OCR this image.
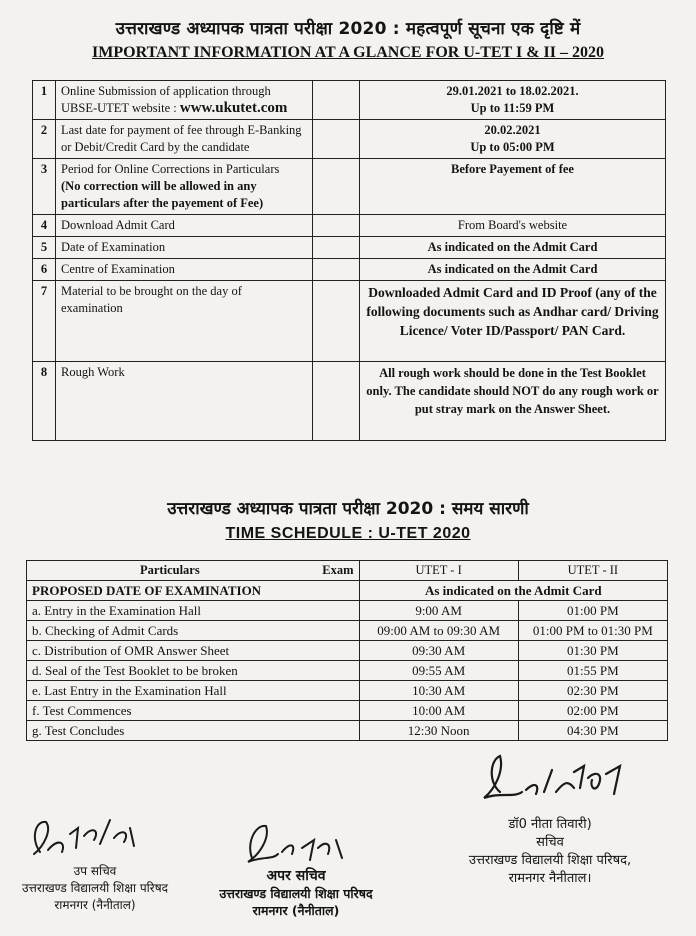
उत्तराखण्ड अध्यापक पात्रता परीक्षा 2020 : महत्वपूर्ण सूचना एक दृष्टि में
IMPORTANT INFORMATION AT A GLANCE FOR U-TET I & II – 2020
1	Online Submission of application through
UBSE-UTET website : www.ukutet.com		29.01.2021 to 18.02.2021.
Up to 11:59 PM
2	Last date for payment of fee through E-Banking
or Debit/Credit Card by the candidate		20.02.2021
Up to 05:00 PM
3	Period for Online Corrections in Particulars
(No correction will be allowed in any
particulars after the payement of Fee)		Before Payement of fee
4	Download Admit Card		From Board's website
5	Date of Examination		As indicated on the Admit Card
6	Centre of Examination		As indicated on the Admit Card
7	Material to be brought on the day of
examination		Downloaded Admit Card and ID Proof (any of the following documents such as Andhar card/ Driving Licence/ Voter ID/Passport/ PAN Card.
8	Rough Work		All rough work should be done in the Test Booklet only. The candidate should NOT do any rough work or put stray mark on the Answer Sheet.
उत्तराखण्ड अध्यापक पात्रता परीक्षा 2020 : समय सारणी
TIME SCHEDULE : U-TET 2020
Particulars Exam	UTET - I	UTET - II
PROPOSED DATE OF EXAMINATION	As indicated on the Admit Card	
a. Entry in the Examination Hall	9:00 AM	01:00 PM
b. Checking of Admit Cards	09:00 AM to 09:30 AM	01:00 PM to 01:30 PM
c. Distribution of OMR Answer Sheet	09:30 AM	01:30 PM
d. Seal of the Test Booklet to be broken	09:55 AM	01:55 PM
e. Last Entry in the Examination Hall	10:30 AM	02:30 PM
f. Test Commences	10:00 AM	02:00 PM
g. Test Concludes	12:30 Noon	04:30 PM
डॉ0 नीता तिवारी)
सचिव
उत्तराखण्ड विद्यालयी शिक्षा परिषद,
रामनगर नैनीताल।
उप सचिव
उत्तराखण्ड विद्यालयी शिक्षा परिषद
रामनगर (नैनीताल)
अपर सचिव
उत्तराखण्ड विद्यालयी शिक्षा परिषद
रामनगर (नैनीताल)
